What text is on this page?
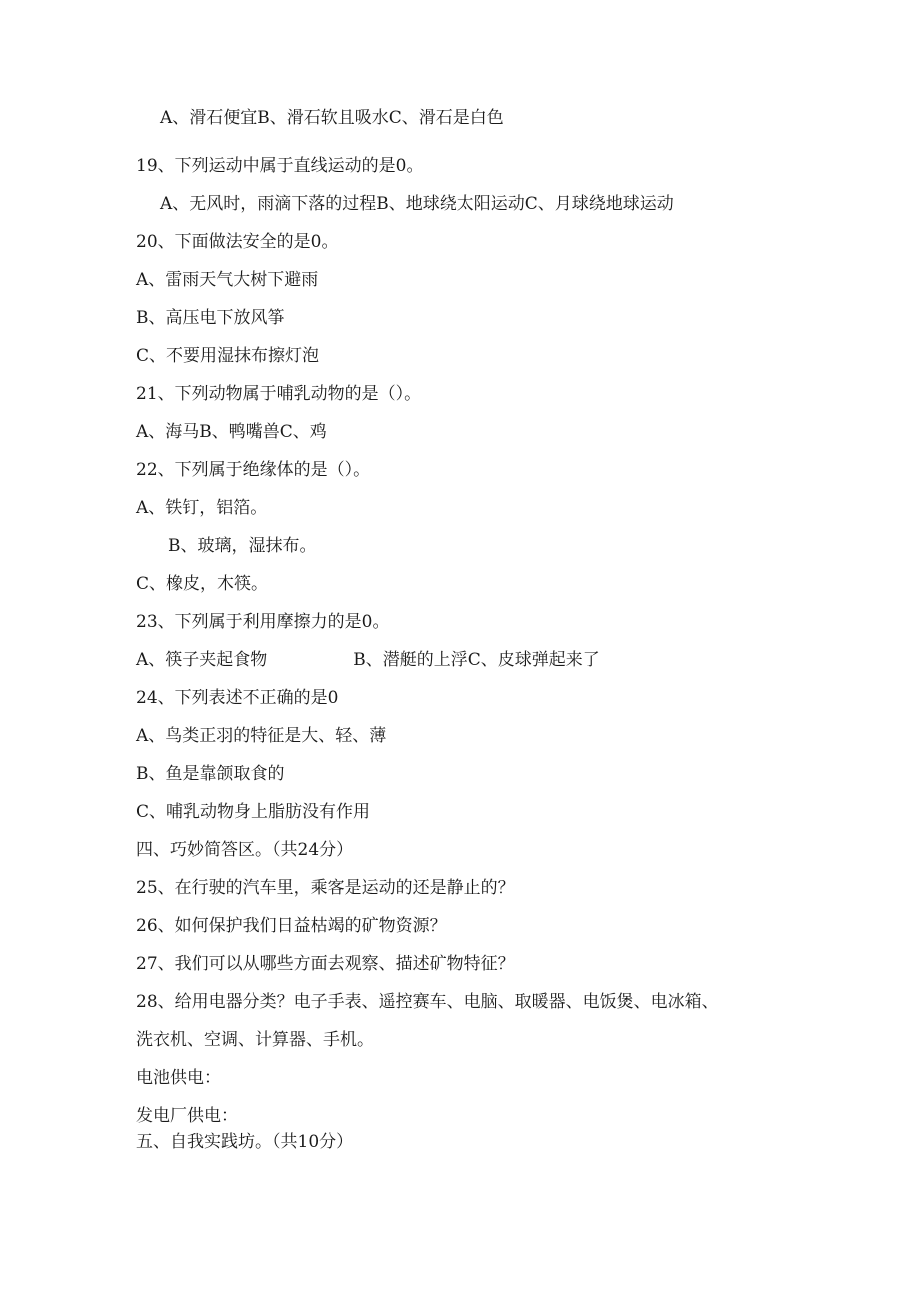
A、滑石便宜B、滑石软且吸水C、滑石是白色
19、下列运动中属于直线运动的是0。
A、无风时，雨滴下落的过程B、地球绕太阳运动C、月球绕地球运动
20、下面做法安全的是0。
A、雷雨天气大树下避雨
B、高压电下放风筝
C、不要用湿抹布擦灯泡
21、下列动物属于哺乳动物的是（）。
A、海马B、鸭嘴兽C、鸡
22、下列属于绝缘体的是（）。
A、铁钉，铝箔。
B、玻璃，湿抹布。
C、橡皮，木筷。
23、下列属于利用摩擦力的是0。
A、筷子夹起食物	B、潜艇的上浮C、皮球弹起来了
24、下列表述不正确的是0
A、鸟类正羽的特征是大、轻、薄
B、鱼是靠颌取食的
C、哺乳动物身上脂肪没有作用
四、巧妙简答区。（共24分）
25、在行驶的汽车里，乘客是运动的还是静止的？
26、如何保护我们日益枯竭的矿物资源？
27、我们可以从哪些方面去观察、描述矿物特征？
28、给用电器分类？电子手表、遥控赛车、电脑、取暖器、电饭煲、电冰箱、
洗衣机、空调、计算器、手机。
电池供电：
发电厂供电：
五、自我实践坊。（共10分）
